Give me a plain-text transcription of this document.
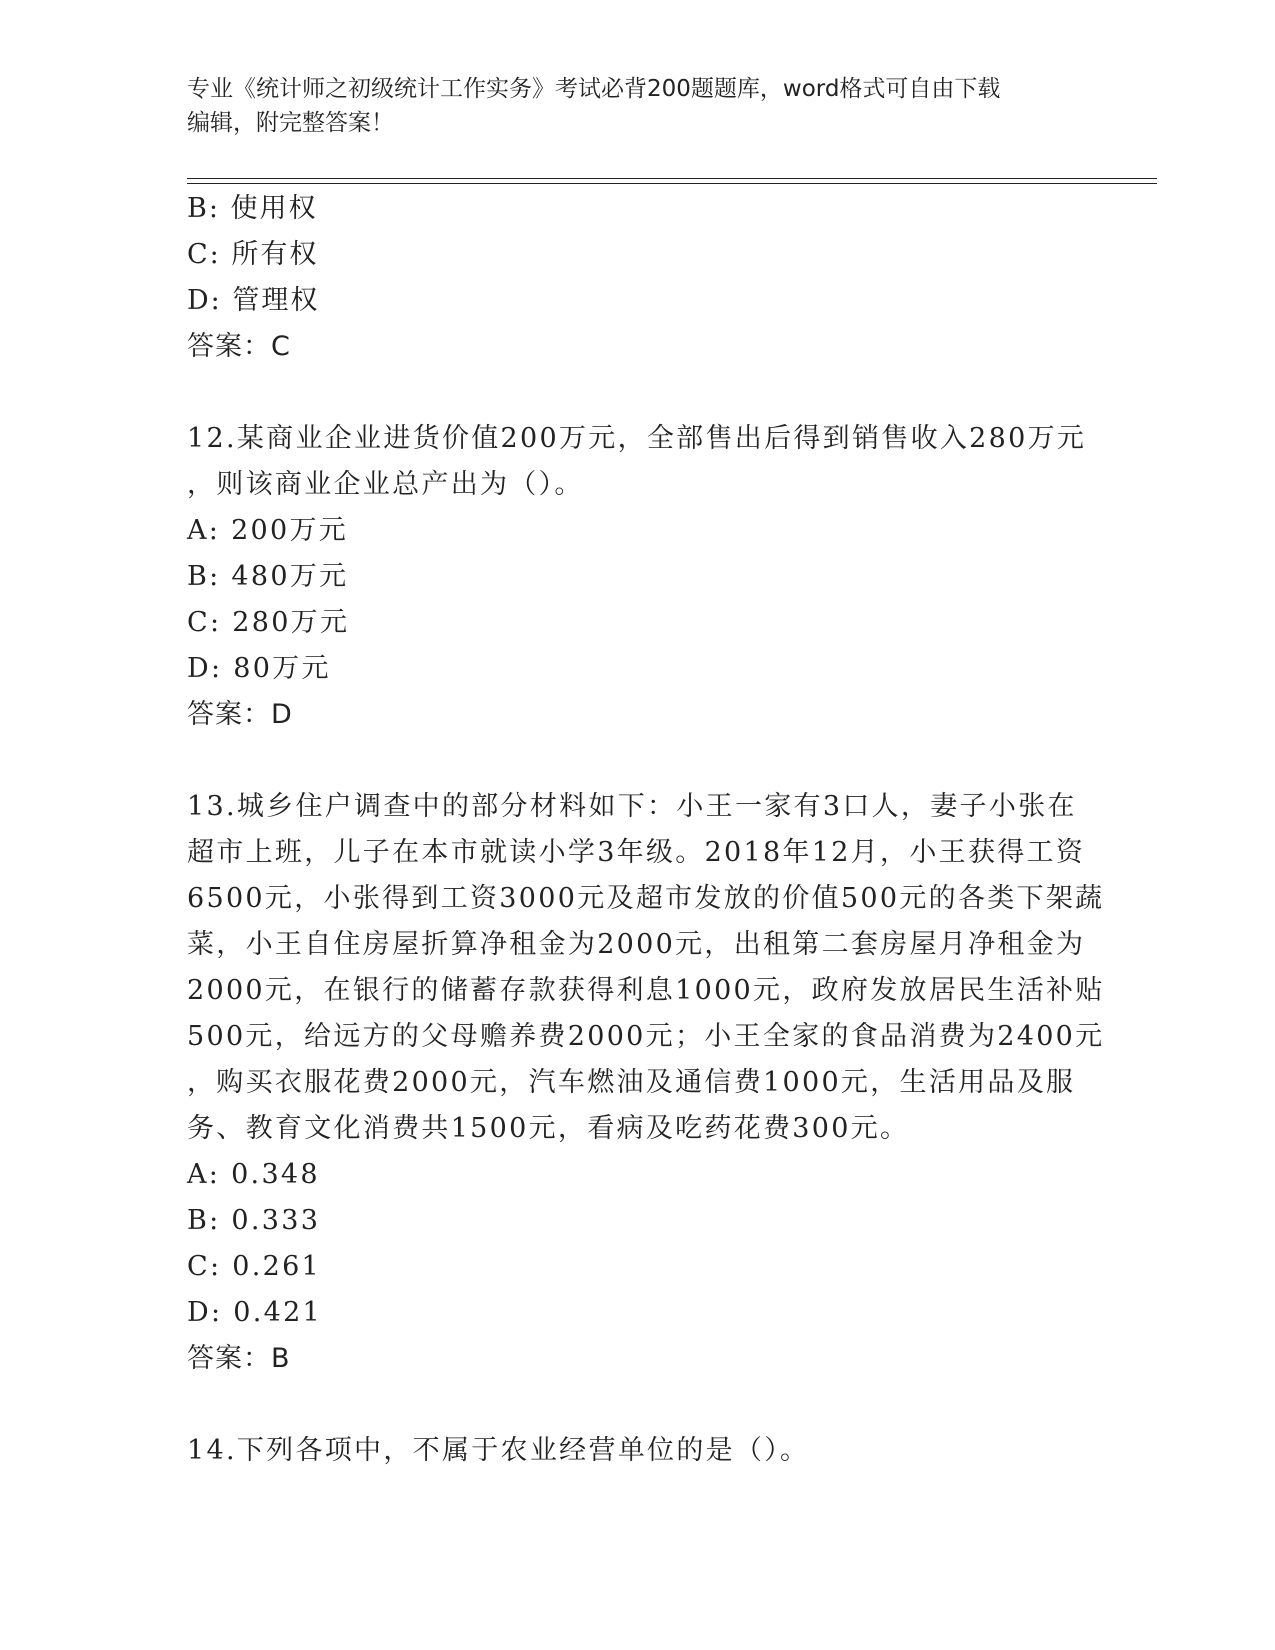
专业《统计师之初级统计工作实务》考试必背200题题库，word格式可自由下载
编辑，附完整答案！
B: 使用权
C: 所有权
D: 管理权
答案：C
12.某商业企业进货价值200万元，全部售出后得到销售收入280万元
，则该商业企业总产出为（）。
A: 200万元
B: 480万元
C: 280万元
D: 80万元
答案：D
13.城乡住户调查中的部分材料如下：小王一家有3口人，妻子小张在
超市上班，儿子在本市就读小学3年级。2018年12月，小王获得工资
6500元，小张得到工资3000元及超市发放的价值500元的各类下架蔬
菜，小王自住房屋折算净租金为2000元，出租第二套房屋月净租金为
2000元，在银行的储蓄存款获得利息1000元，政府发放居民生活补贴
500元，给远方的父母赡养费2000元；小王全家的食品消费为2400元
，购买衣服花费2000元，汽车燃油及通信费1000元，生活用品及服
务、教育文化消费共1500元，看病及吃药花费300元。
A: 0.348
B: 0.333
C: 0.261
D: 0.421
答案：B
14.下列各项中，不属于农业经营单位的是（）。
